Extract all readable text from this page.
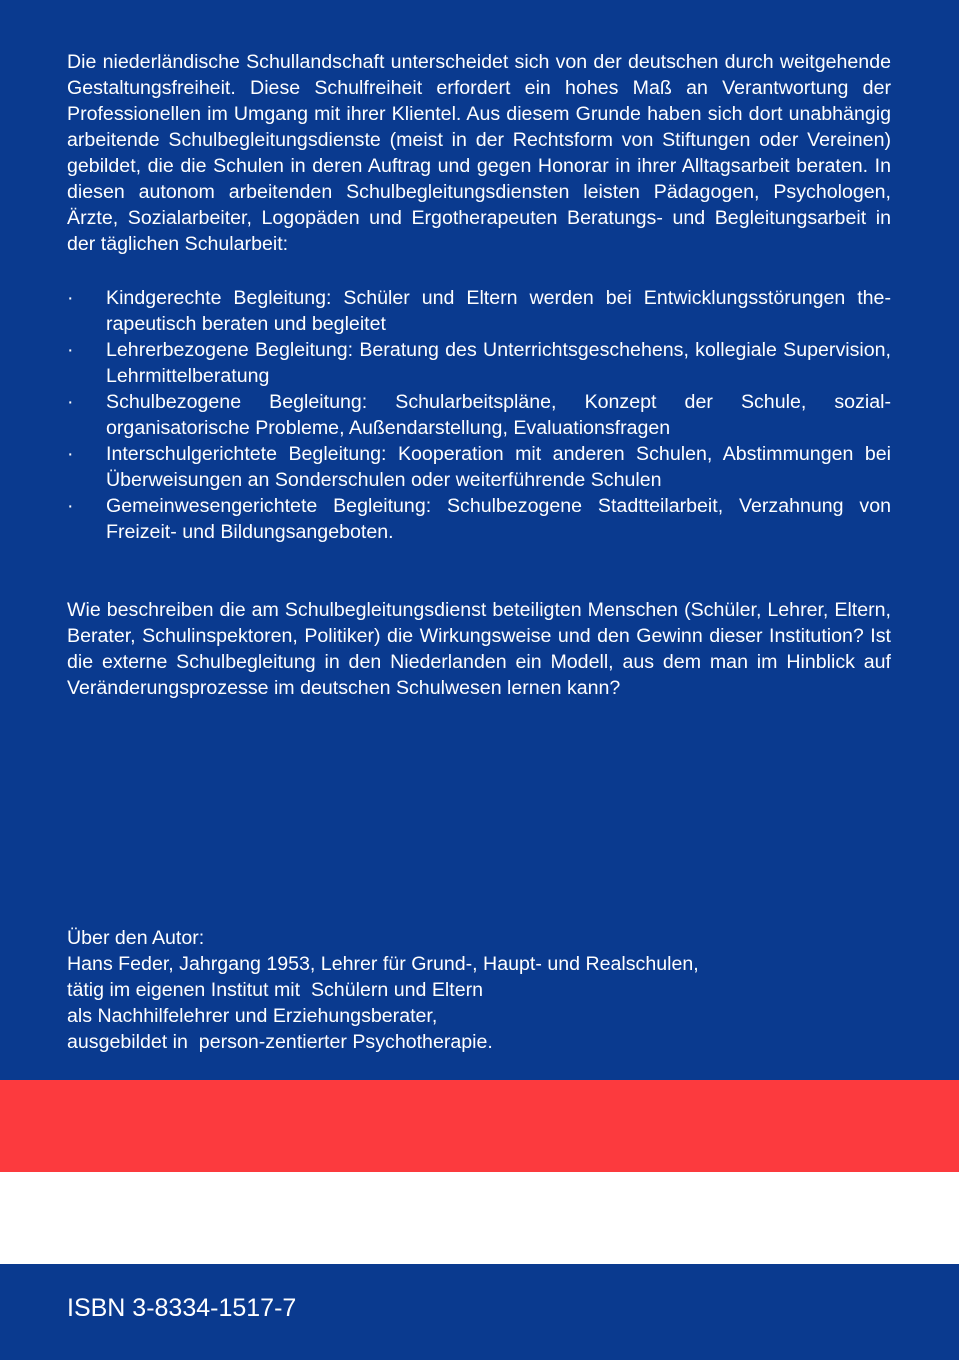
Die niederländische Schullandschaft unterscheidet sich von der deutschen durch weitgehende Gestaltungsfreiheit. Diese Schulfreiheit erfordert ein hohes Maß an Verantwortung der Professionellen im Umgang mit ihrer Klientel. Aus diesem Grunde haben sich dort unabhängig arbeitende Schulbegleitungsdienste (meist in der Rechtsform von Stiftungen oder Vereinen) gebildet, die die Schulen in deren Auftrag und gegen Honorar in ihrer Alltagsarbeit beraten. In diesen autonom arbeitenden Schulbegleitungsdiensten leisten Pädagogen, Psychologen, Ärzte, Sozialarbeiter, Logopäden und Ergotherapeuten Beratungs- und Begleitungsarbeit in der täglichen Schularbeit:
· Kindgerechte Begleitung: Schüler und Eltern werden bei Entwicklungsstörungen therapeutisch beraten und begleitet
· Lehrerbezogene Begleitung: Beratung des Unterrichtsgeschehens, kollegiale Supervision, Lehrmittelberatung
· Schulbezogene Begleitung: Schularbeitspläne, Konzept der Schule, sozial-organisatorische Probleme, Außendarstellung, Evaluationsfragen
· Interschulgerichtete Begleitung: Kooperation mit anderen Schulen, Abstimmungen bei Überweisungen an Sonderschulen oder weiterführende Schulen
· Gemeinwesengerichtete Begleitung: Schulbezogene Stadtteilarbeit, Verzahnung von Freizeit- und Bildungsangeboten.
Wie beschreiben die am Schulbegleitungsdienst beteiligten Menschen (Schüler, Lehrer, Eltern, Berater, Schulinspektoren, Politiker) die Wirkungsweise und den Gewinn dieser Institution? Ist die externe Schulbegleitung in den Niederlanden ein Modell, aus dem man im Hinblick auf Veränderungsprozesse im deutschen Schulwesen lernen kann?
Über den Autor:
Hans Feder, Jahrgang 1953, Lehrer für Grund-, Haupt- und Realschulen,
tätig im eigenen Institut mit  Schülern und Eltern
als Nachhilfelehrer und Erziehungsberater,
ausgebildet in  person-zentierter Psychotherapie.
ISBN 3-8334-1517-7
